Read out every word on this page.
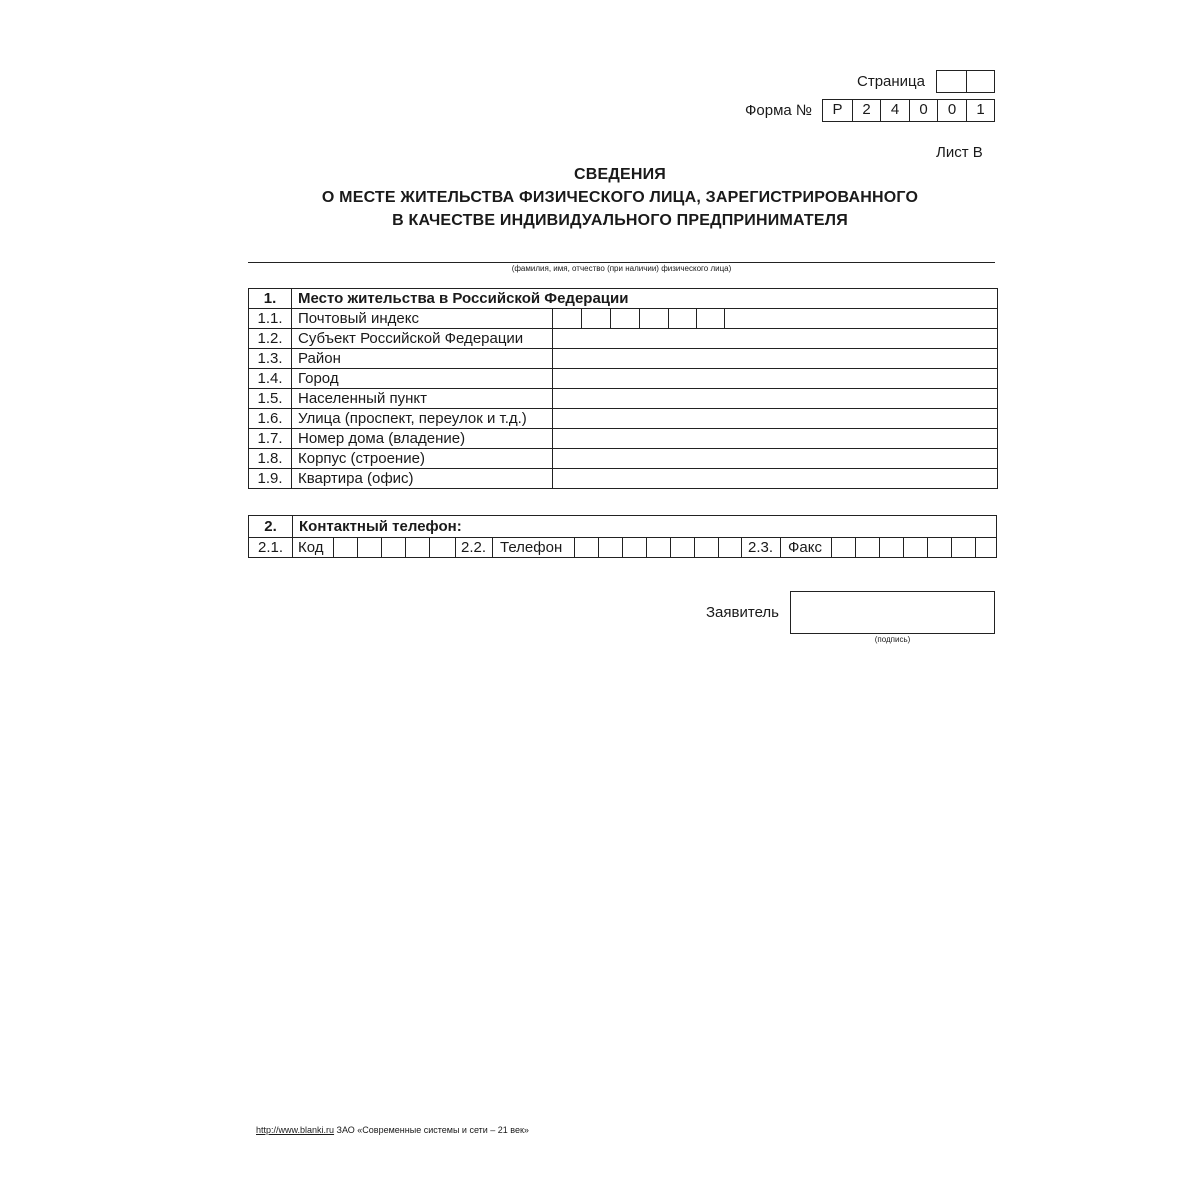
Страница
Форма №	Р	2	4	0	0	1
Лист В
СВЕДЕНИЯ
О МЕСТЕ ЖИТЕЛЬСТВА ФИЗИЧЕСКОГО ЛИЦА, ЗАРЕГИСТРИРОВАННОГО
В КАЧЕСТВЕ ИНДИВИДУАЛЬНОГО ПРЕДПРИНИМАТЕЛЯ
(фамилия, имя, отчество (при наличии) физического лица)
1.	Место жительства в Российской Федерации	
1.1.	Почтовый индекс	

1.2.	Субъект Российской Федерации	
1.3.	Район	
1.4.	Город	
1.5.	Населенный пункт	
1.6.	Улица (проспект, переулок и т.д.)	
1.7.	Номер дома (владение)	
1.8.	Корпус (строение)	
1.9.	Квартира (офис)	
2.	Контактный телефон:
2.1. Код	2.2. Телефон	2.3. Факс
Заявитель
(подпись)
http://www.blanki.ru ЗАО «Современные системы и сети – 21 век»
